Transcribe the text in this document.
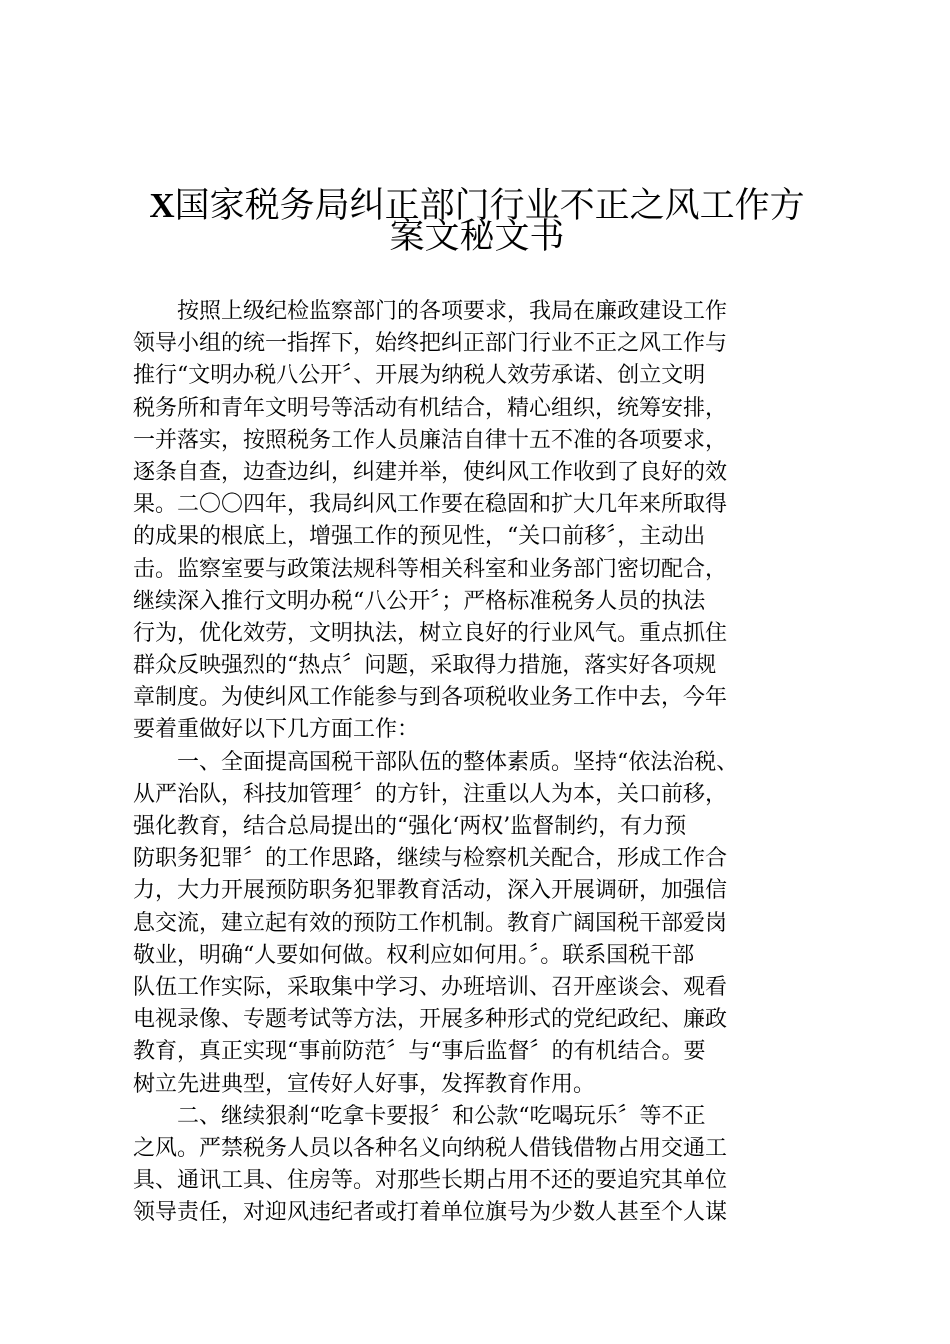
X国家税务局纠正部门行业不正之风工作方
案文秘文书
　　按照上级纪检监察部门的各项要求，我局在廉政建设工作
领导小组的统一指挥下，始终把纠正部门行业不正之风工作与
推行“文明办税八公开〞、开展为纳税人效劳承诺、创立文明
税务所和青年文明号等活动有机结合，精心组织，统筹安排，
一并落实，按照税务工作人员廉洁自律十五不准的各项要求，
逐条自查，边查边纠，纠建并举，使纠风工作收到了良好的效
果。二〇〇四年，我局纠风工作要在稳固和扩大几年来所取得
的成果的根底上，增强工作的预见性，“关口前移〞，主动出
击。监察室要与政策法规科等相关科室和业务部门密切配合，
继续深入推行文明办税“八公开〞；严格标准税务人员的执法
行为，优化效劳，文明执法，树立良好的行业风气。重点抓住
群众反映强烈的“热点〞问题，采取得力措施，落实好各项规
章制度。为使纠风工作能参与到各项税收业务工作中去，今年
要着重做好以下几方面工作：
　　一、全面提高国税干部队伍的整体素质。坚持“依法治税、
从严治队，科技加管理〞的方针，注重以人为本，关口前移，
强化教育，结合总局提出的“强化‘两权’监督制约，有力预
防职务犯罪〞的工作思路，继续与检察机关配合，形成工作合
力，大力开展预防职务犯罪教育活动，深入开展调研，加强信
息交流，建立起有效的预防工作机制。教育广阔国税干部爱岗
敬业，明确“人要如何做。权利应如何用。〞。联系国税干部
队伍工作实际，采取集中学习、办班培训、召开座谈会、观看
电视录像、专题考试等方法，开展多种形式的党纪政纪、廉政
教育，真正实现“事前防范〞与“事后监督〞的有机结合。要
树立先进典型，宣传好人好事，发挥教育作用。
　　二、继续狠刹“吃拿卡要报〞和公款“吃喝玩乐〞等不正
之风。严禁税务人员以各种名义向纳税人借钱借物占用交通工
具、通讯工具、住房等。对那些长期占用不还的要追究其单位
领导责任，对迎风违纪者或打着单位旗号为少数人甚至个人谋
